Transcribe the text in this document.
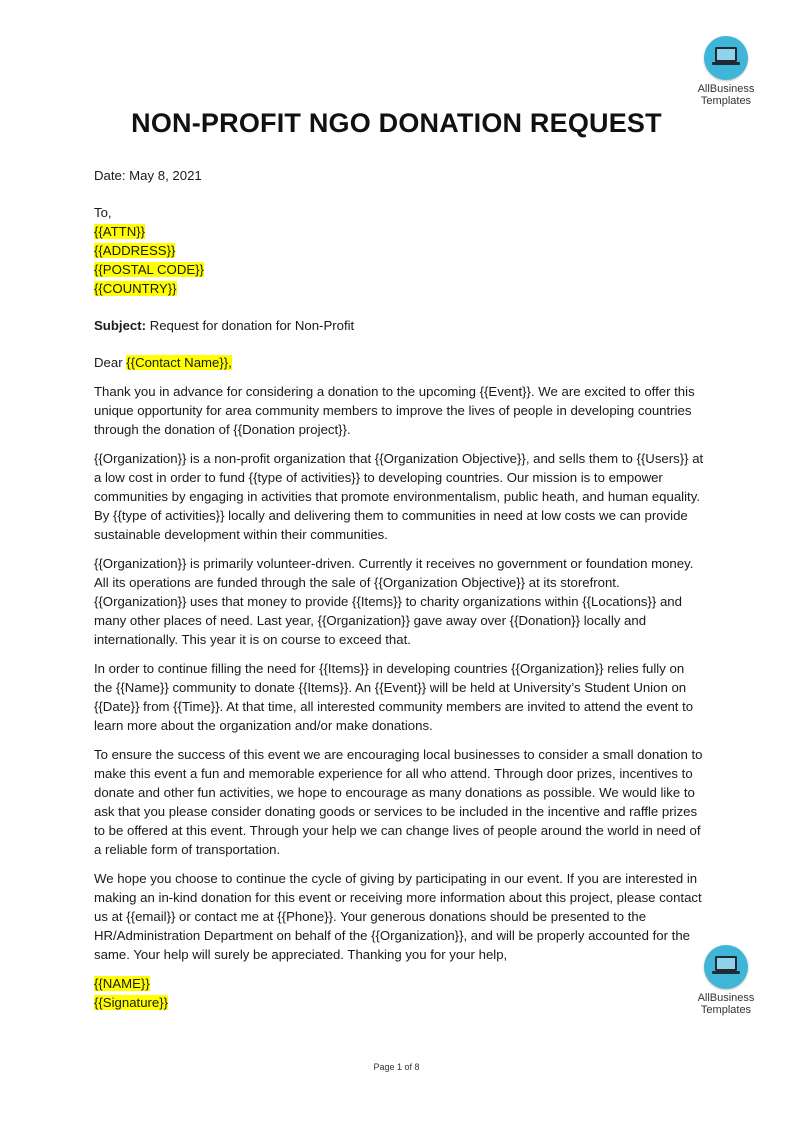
AllBusiness
Templates
NON-PROFIT NGO DONATION REQUEST

Date: May 8, 2021

To,

{{ATTN}}

{{ADDRESS}}

{{POSTAL CODE}}

{{COUNTRY}}

Subject: Request for donation for Non-Profit

Dear {{Contact Name}},

Thank you in advance for considering a donation to the upcoming {{Event}}. We are excited to offer this unique opportunity for area community members to improve the lives of people in developing countries through the donation of {{Donation project}}.

{{Organization}} is a non-profit organization that {{Organization Objective}}, and sells them to {{Users}} at a low cost in order to fund {{type of activities}} to developing countries. Our mission is to empower communities by engaging in activities that promote environmentalism, public heath, and human equality. By {{type of activities}} locally and delivering them to communities in need at low costs we can provide sustainable development within their communities.

{{Organization}} is primarily volunteer-driven. Currently it receives no government or foundation money. All its operations are funded through the sale of {{Organization Objective}} at its storefront. {{Organization}} uses that money to provide {{Items}} to charity organizations within {{Locations}} and many other places of need. Last year, {{Organization}} gave away over {{Donation}} locally and internationally. This year it is on course to exceed that.

In order to continue filling the need for {{Items}} in developing countries {{Organization}} relies fully on the {{Name}} community to donate {{Items}}. An {{Event}} will be held at University’s Student Union on {{Date}} from {{Time}}. At that time, all interested community members are invited to attend the event to learn more about the organization and/or make donations.

To ensure the success of this event we are encouraging local businesses to consider a small donation to make this event a fun and memorable experience for all who attend. Through door prizes, incentives to donate and other fun activities, we hope to encourage as many donations as possible. We would like to ask that you please consider donating goods or services to be included in the incentive and raffle prizes to be offered at this event. Through your help we can change lives of people around the world in need of a reliable form of transportation.

We hope you choose to continue the cycle of giving by participating in our event. If you are interested in making an in-kind donation for this event or receiving more information about this project, please contact us at {{email}} or contact me at {{Phone}}. Your generous donations should be presented to the HR/Administration Department on behalf of the {{Organization}}, and will be properly accounted for the same. Your help will surely be appreciated. Thanking you for your help,

{{NAME}}

{{Signature}}	AllBusiness
Templates
Page 1 of 8
